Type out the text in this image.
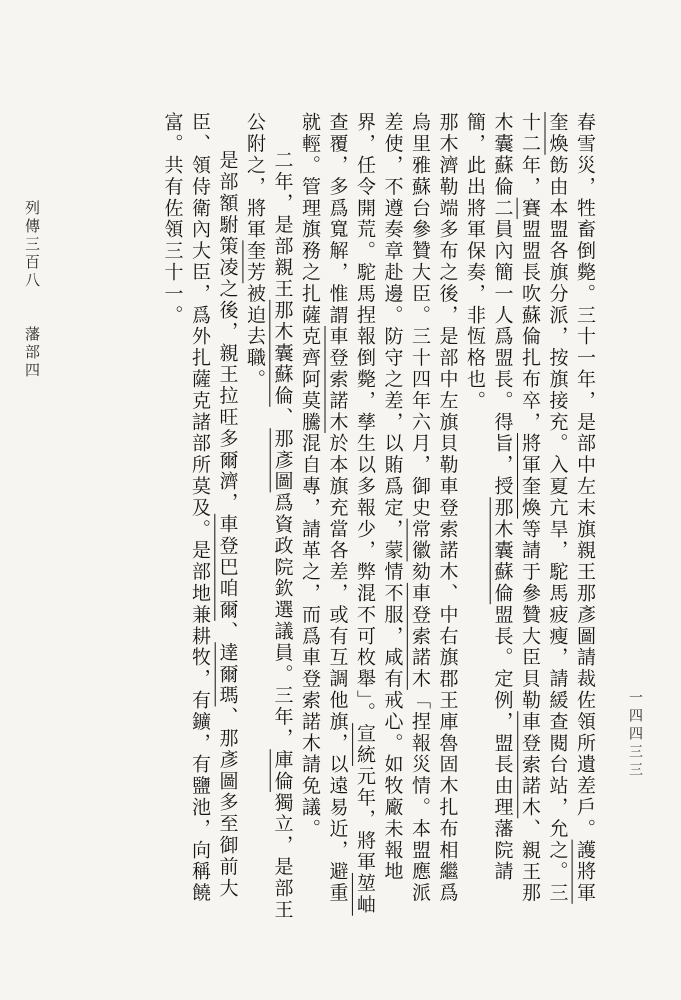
列傳三百八 藩部四	春雪災，牲畜倒斃。三十一年，是部中左末旗親王那彥圖請裁佐領所遺差戶。護將軍奎煥飭由本盟各旗分派，按旗接充。入夏亢旱，駝馬疲瘦，請緩查閱台站，允之。三十二年，賽盟盟長吹蘇倫扎布卒，將軍奎煥等請于參贊大臣貝勒車登索諾木、親王那木囊蘇倫二員內簡一人爲盟長。得旨，授那木囊蘇倫盟長。定例，盟長由理藩院請簡，此出將軍保奏，非恆格也。

那木濟勒端多布之後，是部中左旗貝勒車登索諾木、中右旗郡王庫魯固木扎布相繼爲烏里雅蘇台參贊大臣。三十四年六月，御史常徽劾車登索諾木「捏報災情。本盟應派差使，不遵奏章赴邊。防守之差，以賄爲定，蒙情不服，咸有戒心。如牧廠未報地界，任令開荒。駝馬捏報倒斃，孳生以多報少，弊混不可枚舉」。宣統元年，將軍堃岫查覆，多爲寬解，惟謂車登索諾木於本旗充當各差，或有互調他旗，以遠易近，避重就輕。管理旗務之扎薩克齊阿莫騰混自專，請革之，而爲車登索諾木請免議。

二年，是部親王那木囊蘇倫、那彥圖爲資政院欽選議員。三年，庫倫獨立，是部王公附之，將軍奎芳被迫去職。

是部額駙策凌之後，親王拉旺多爾濟，車登巴咱爾、達爾瑪、那彥圖多至御前大臣、領侍衛內大臣，爲外扎薩克諸部所莫及。是部地兼耕牧，有鑛，有鹽池，向稱饒富。共有佐領三十一。

一四四三三
